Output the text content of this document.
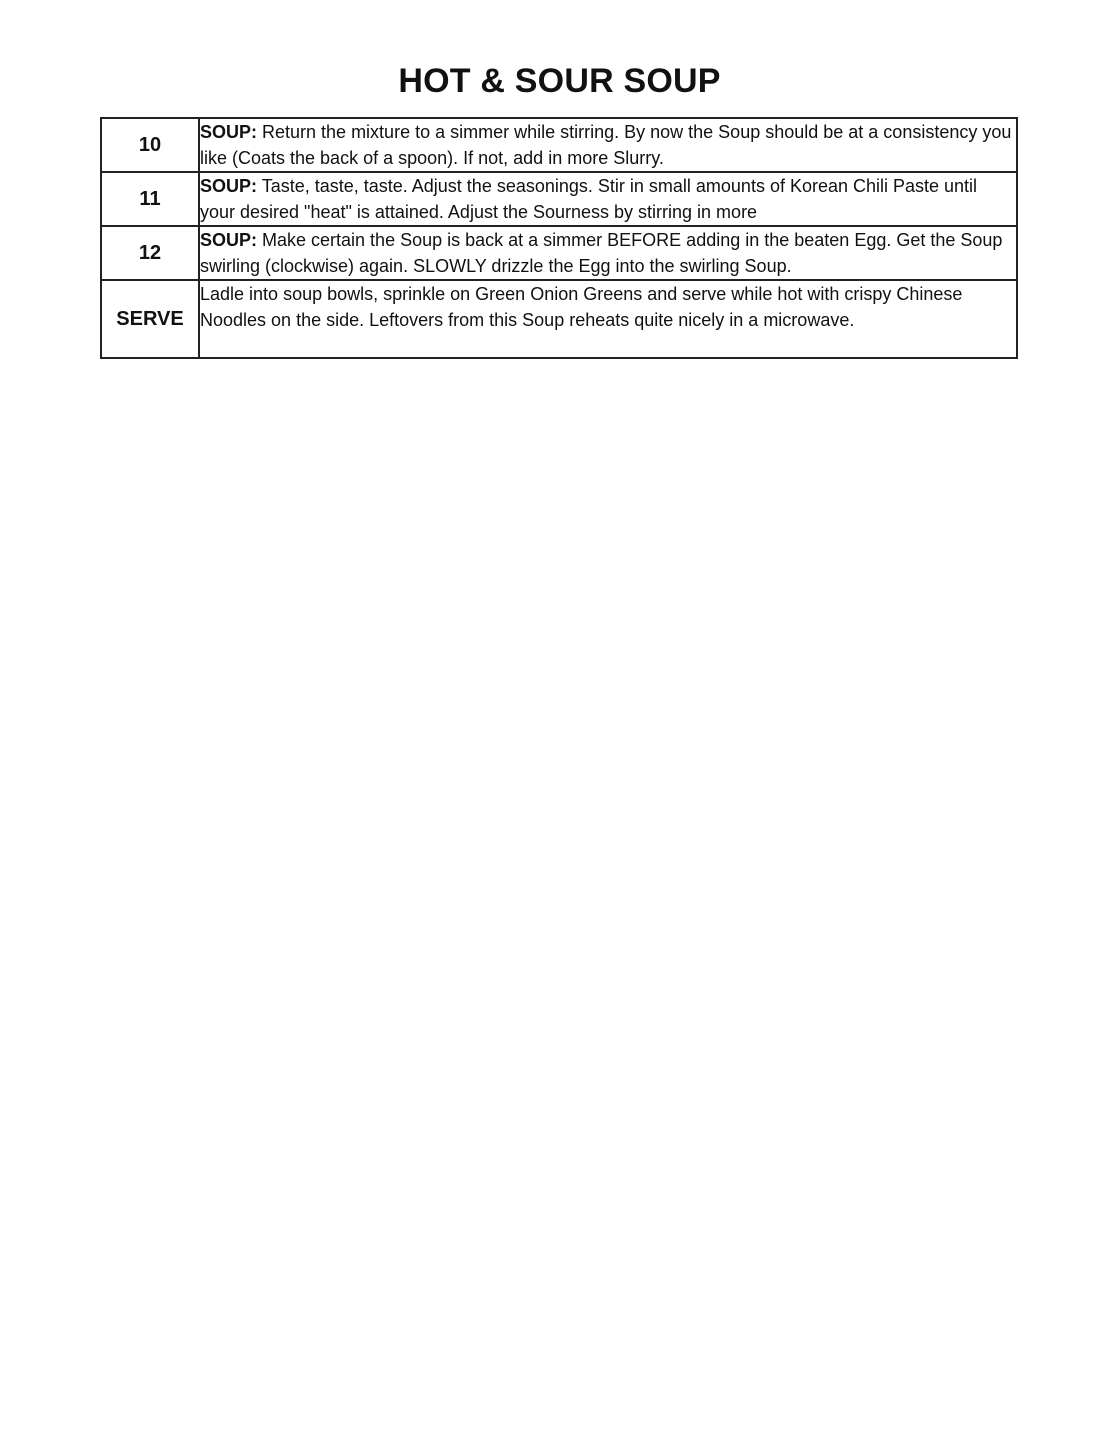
HOT & SOUR SOUP
10	SOUP: Return the mixture to a simmer while stirring. By now the Soup should be at a consistency you like (Coats the back of a spoon). If not, add in more Slurry.

11	SOUP: Taste, taste, taste. Adjust the seasonings. Stir in small amounts of Korean Chili Paste until your desired "heat" is attained. Adjust the Sourness by stirring in more

12	SOUP: Make certain the Soup is back at a simmer BEFORE adding in the beaten Egg. Get the Soup swirling (clockwise) again. SLOWLY drizzle the Egg into the swirling Soup.

SERVE	Ladle into soup bowls, sprinkle on Green Onion Greens and serve while hot with crispy Chinese Noodles on the side. Leftovers from this Soup reheats quite nicely in a microwave.
